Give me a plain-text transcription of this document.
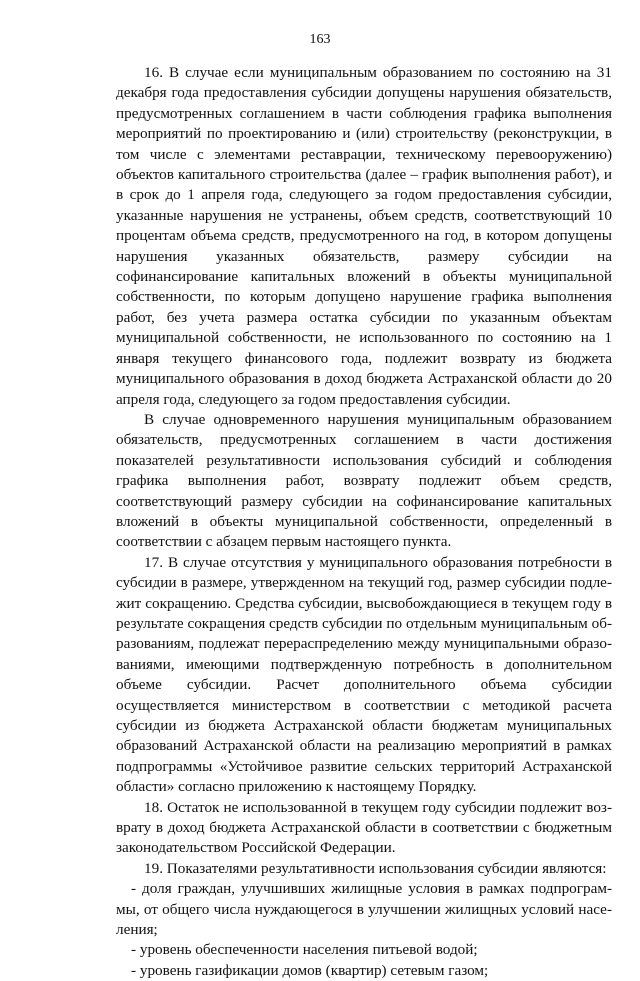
163

16. В случае если муниципальным образованием по состоянию на 31 декабря года предоставления субсидии допущены нарушения обязательств, предусмотренных соглашением в части соблюдения графика выполнения мероприятий по проектированию и (или) строительству (реконструкции, в том числе с элементами реставрации, техническому перевооружению) объектов капитального строительства (далее – график выполнения работ), и в срок до 1 апреля года, следующего за годом предоставления субсидии, указанные нарушения не устранены, объем средств, соответствующий 10 процентам объема средств, предусмотренного на год, в котором допущены нарушения указанных обязательств, размеру субсидии на софинансирование капитальных вложений в объекты муниципальной собственности, по которым допущено нарушение графика выполнения работ, без учета размера остатка субсидии по указанным объектам муниципальной собственности, не использованного по состоянию на 1 января текущего финансового года, подлежит возврату из бюджета муниципального образования в доход бюджета Астраханской области до 20 апреля года, следующего за годом предоставления субсидии.

В случае одновременного нарушения муниципальным образованием обязательств, предусмотренных соглашением в части достижения показателей результативности использования субсидий и соблюдения графика выполнения работ, возврату подлежит объем средств, соответствующий размеру субсидии на софинансирование капитальных вложений в объекты муниципальной собственности, определенный в соответствии с абзацем первым настоящего пункта.

17. В случае отсутствия у муниципального образования потребности в субсидии в размере, утвержденном на текущий год, размер субсидии подлежит сокращению. Средства субсидии, высвобождающиеся в текущем году в результате сокращения средств субсидии по отдельным муниципальным образованиям, подлежат перераспределению между муниципальными образованиями, имеющими подтвержденную потребность в дополнительном объеме субсидии. Расчет дополнительного объема субсидии осуществляется министерством в соответствии с методикой расчета субсидии из бюджета Астраханской области бюджетам муниципальных образований Астраханской области на реализацию мероприятий в рамках подпрограммы «Устойчивое развитие сельских территорий Астраханской области» согласно приложению к настоящему Порядку.

18. Остаток не использованной в текущем году субсидии подлежит возврату в доход бюджета Астраханской области в соответствии с бюджетным законодательством Российской Федерации.

19. Показателями результативности использования субсидии являются:

- доля граждан, улучшивших жилищные условия в рамках подпрограммы, от общего числа нуждающегося в улучшении жилищных условий населения;

- уровень обеспеченности населения питьевой водой;

- уровень газификации домов (квартир) сетевым газом;
